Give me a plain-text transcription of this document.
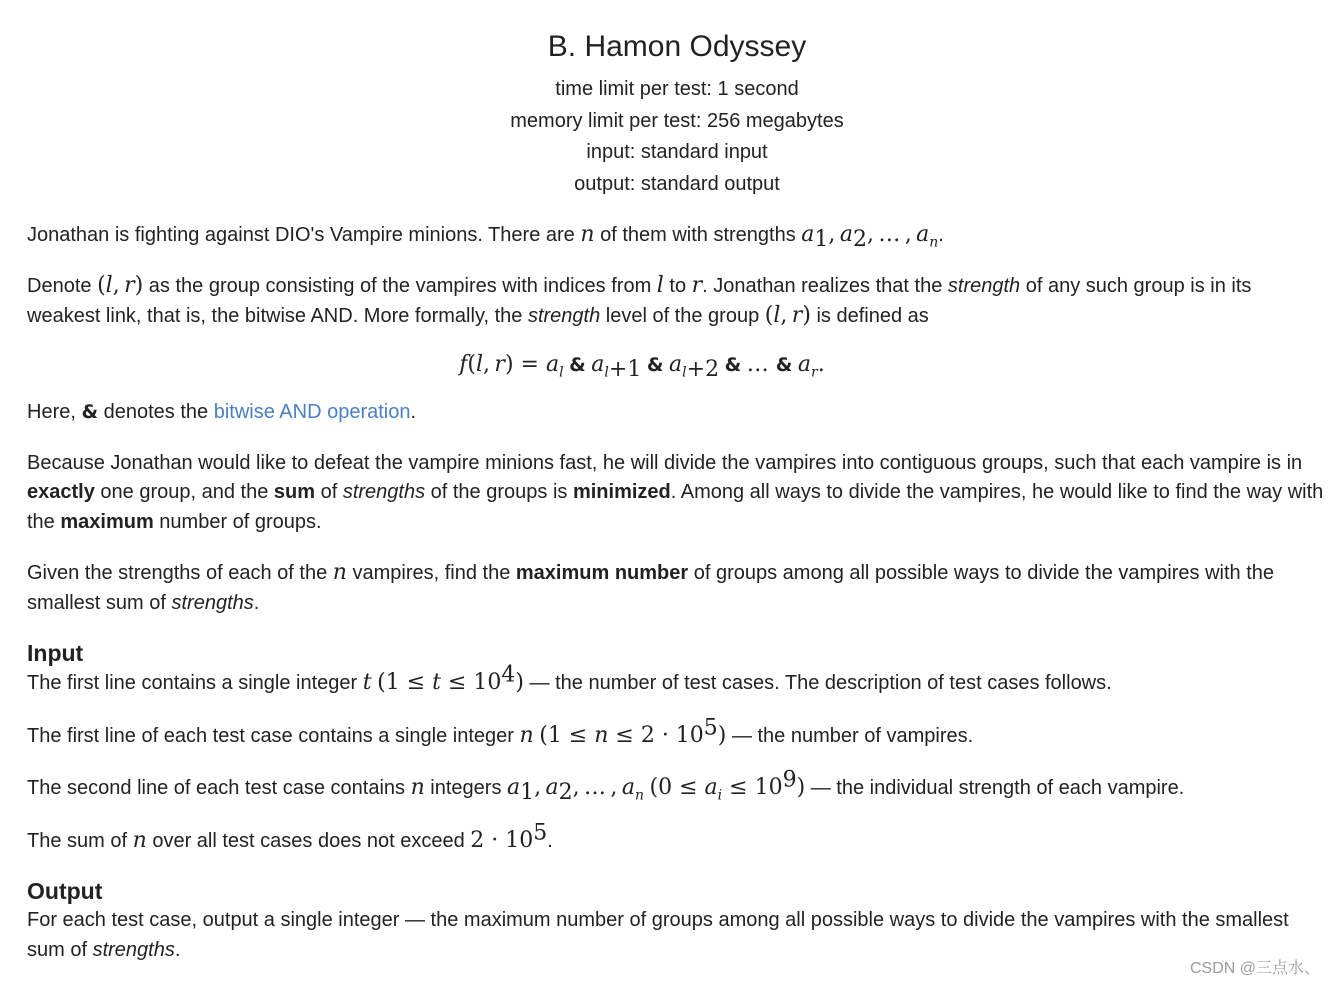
B. Hamon Odyssey
time limit per test: 1 second
memory limit per test: 256 megabytes
input: standard input
output: standard output

Jonathan is fighting against DIO's Vampire minions. There are n of them with strengths $a_1$, $a_2$, … , $a_n$.

Denote (l, r) as the group consisting of the vampires with indices from l to r. Jonathan realizes that the strength of any such group is in its weakest link, that is, the bitwise AND. More formally, the strength level of the group (l, r) is defined as

f(l, $r) = a_l$ & $a_{l+1}$ & $a_{l+2}$ & … & $a_r$.

Here, & denotes the bitwise AND operation.

Because Jonathan would like to defeat the vampire minions fast, he will divide the vampires into contiguous groups, such that each vampire is in exactly one group, and the sum of strengths of the groups is minimized. Among all ways to divide the vampires, he would like to find the way with the maximum number of groups.

Given the strengths of each of the n vampires, find the maximum number of groups among all possible ways to divide the vampires with the smallest sum of strengths.

Input

The first line contains a single integer t $(1 \le t \le 10^4)$ — the number of test cases. The description of test cases follows.

The first line of each test case contains a single integer n $(1 \le n \le 2 \cdot 10^5)$ — the number of vampires.

The second line of each test case contains n integers $a_1$, $a_2$, … , $a_n$ $(0 \le a_i \le 10^9)$ — the individual strength of each vampire.

The sum of n over all test cases does not exceed $2 \cdot 10^5$.

Output

For each test case, output a single integer — the maximum number of groups among all possible ways to divide the vampires with the smallest sum of strengths.

CSDN @三点水、
